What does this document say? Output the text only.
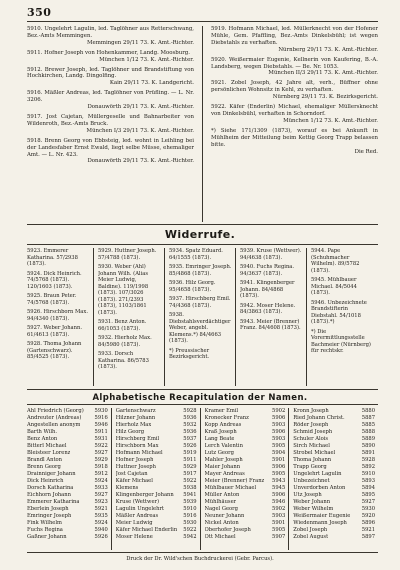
350

5910. Ungelehrt Lagulin, led. Taglöhner aus Retterschwang, Bez.-Amts Memmingen.
Memmingen 29/11 73. K. Amt.-Richter.

5911. Hofner Joseph von Hohenkammer, Landg. Moosburg.
München 1/12 73. K. Amt.-Richter.

5912. Brewer Joseph, led. Taglöhner und Brandstiftung von Hochkirchen, Landg. Dingolfing.
Kain 29/11 73. K. Landgericht.

5916. Mäßler Andreas, led. Taglöhner von Prüfling. — L. Nr. 3206.
Donauwörth 29/11 73. K. Amt.-Richter.

5917. Jost Cajetan, Müllergeselle und Bahnarbeiter von Wildenroth, Bez.-Amts Bruck.
München I/3 29/11 73. K. Amt.-Richter.

5918. Brenn Georg von Ebbsteig, led. wohnt in Leihling bei der Landesfaber Ernst Ewald, liegt selbe Müsse, ehemaliger Amt. — L. Nr. 423.
Donauwörth 29/11 73. K. Amt.-Richter.

5919. Hofmann Michael, led. Müllerknecht von der Hofener Mühle, Gem. Pfaffling, Bez.-Amts Dinkelsbühl; ist wegen Diebstahls zu verhaften.
Nürnberg 29/11 73. K. Amt.-Richter.

5920. Weißermaier Eugenie, Kellnerin von Kaufering, B.-A. Landsberg, wegen Diebstahls. — Be. Nr. 1053.
München II/3 29/11 73. K. Amt.-Richter.

5921. Zobel Joseph, 42 Jahre alt, verh., Büffner ohne persönlichen Wohnsitz in Kehl, zu verhaften.
Nürnberg 29/11 73. K. Bezirksgericht.

5922. Käfer (Enderlin) Michael, ehemaliger Müllersknecht von Dinkelsbühl, verhaften in Schorndorf.
München 1/12 73. K. Amt.-Richter.

*) Siehe 171/1309 (1873), worauf es bei Ankunft in Mühlheim der Mitteilung beim Kettig Georg Trapp belassen bitte.
Die Red.

Widerrufe.
5923. Emmerer Katharina. 57/2938 (1873).
5924. Dick Heinrich. 74/5768 (1873). 120/1603 (1873).
5925. Braun Peter. 74/5768 (1873).
5926. Hirschborn Max. 94/4340 (1873).
5927. Weber Johann. 61/4613 (1873).
5928. Thoma Johann (Gartenschwarz). 85/4525 (1873).
5929. Huttner Joseph. 57/4788 (1873).
5930. Weber (Ahl) Johann Wilh. (Alias Meier Ludwig, Baldine). 119/1998 (1873). 107/3026 (1873). 271/2393 (1873), 1103/1861 (1873).
5931. Benz Anton. 66/1053 (1873).
5932. Hierholz Max. 84/5980 (1873).
5933. Dorsch Katharina. 86/5783 (1873).
5934. Spatz Eduard. 64/1555 (1873).
5935. Emringer Joseph. 85/4868 (1873).
5936. Hilz Georg. 95/4658 (1873).
5937. Hirschberg Emil. 74/4368 (1873).
5938. Diebstahlsverdächtiger Weber, angebl. Klemens.*) 84/4663 (1873).
*) Preussischer Bezirksgericht.
5939. Kruse (Wettwer). 94/4638 (1873).
5940. Fuchs Regina. 94/3637 (1873).
5941. Klingenberger Johann. 84/4868 (1873).
5942. Moser Helene. 84/3863 (1873).
5943. Meier (Brenner) Franz. 84/4608 (1873).
5944. Pape (Schuhmacher Wilhelm). 89/5782 (1873).
5945. Mühlbauer Michael. 84/5044 (1873).
5946. Unbezeichnete Brandstifterin Diebstahl. 54/1018 (1873).*)
*) Die Vorermittlungsstelle Bachmeier (Nürnberg) für rechtskr.
Alphabetische Recapitulation der Namen.
Ahl Friedrich (Georg)	5930
Andreuter (Andreas)	5916
Angestellen anonym	5946
Barth Wilh.	5911
Benz Anton	5931
Bitterl Michael	5922
Bleisteer Lorenz	5927
Brandl Anton	5929
Brenn Georg	5918
Drainniger Johann	5912
Dick Heinrich	5924
Dorsch Katharina	5933
Eichhorn Johann	5927
Emmerer Katharina	5923
Eberlein Joseph	5921
Emringer Joseph	5935
Fink Wilhelm	5924
Fuchs Regina	5940
Gaßner Johann	5926
Gartenschwarz	5928
Hilzner Johann	5936
Hierholz Max	5932
Hilz Georg	5936
Hirschberg Emil	5937
Hirschborn Max	5926
Hofmann Michael	5919
Hofner Joseph	5911
Huttner Joseph	5929
Jost Cajetan	5917
Käfer Michael	5922
Klemens	5938
Klingenberger Johann	5941
Kruse (Wettwer)	5939
Lagulin Ungelehrt	5910
Mäßler Andreas	5916
Meier Ludwig	5930
Käfer Michael Enderlin	5922
Moser Helene	5942
Kramer Emil	5902
Kronecker Franz	5906
Kopp Andreas	5903
Kraß Joseph	5906
Lang Beate	5903
Lerch Valentin	5905
Lutz Georg	5904
Mahler Joseph	5901
Maier Johann	5906
Mayer Andreas	5905
Meier (Brenner) Franz	5943
Mühlbauer Michael	5945
Müller Anton	5906
Mühlhäuser	5946
Nagel Georg	5902
Neuner Johann	5903
Nickel Anton	5901
Oberhofer Joseph	5905
Ott Michael	5907
Kronn Joseph	5880
Ried Johann Christ.	5887
Röder Joseph	5885
Schmid Joseph	5888
Schuler Alois	5889
Sirch Michael	5890
Strobel Michael	5891
Thoma Johann	5928
Trapp Georg	5892
Ungelehrt Lagulin	5910
Unbezeichnet	5893
Unverdorben Anton	5894
Utz Joseph	5895
Weber Johann	5927
Weber Wilhelm	5930
Weißermaier Eugenie	5920
Wiedenmann Joseph	5896
Zobel Joseph	5921
Zobel August	5897
Druck der Dr. Wild'schen Buchdruckerei (Gebr. Parcus).
